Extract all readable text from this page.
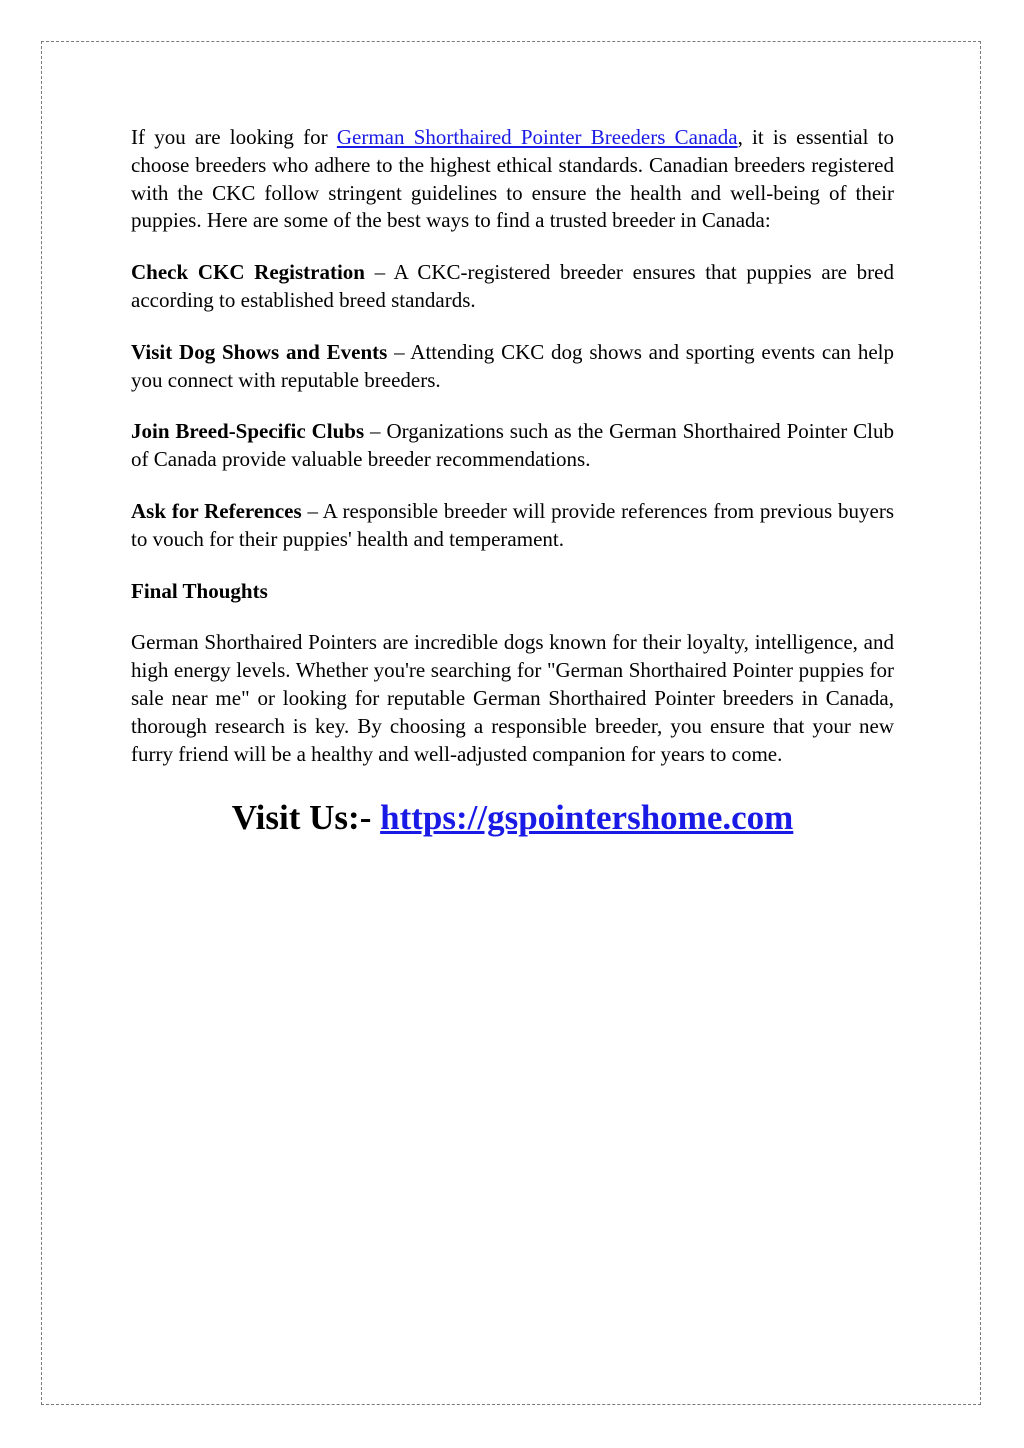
If you are looking for German Shorthaired Pointer Breeders Canada, it is essential to choose breeders who adhere to the highest ethical standards. Canadian breeders registered with the CKC follow stringent guidelines to ensure the health and well-being of their puppies. Here are some of the best ways to find a trusted breeder in Canada:

Check CKC Registration – A CKC-registered breeder ensures that puppies are bred according to established breed standards.

Visit Dog Shows and Events – Attending CKC dog shows and sporting events can help you connect with reputable breeders.

Join Breed-Specific Clubs – Organizations such as the German Shorthaired Pointer Club of Canada provide valuable breeder recommendations.

Ask for References – A responsible breeder will provide references from previous buyers to vouch for their puppies' health and temperament.

Final Thoughts

German Shorthaired Pointers are incredible dogs known for their loyalty, intelligence, and high energy levels. Whether you're searching for "German Shorthaired Pointer puppies for sale near me" or looking for reputable German Shorthaired Pointer breeders in Canada, thorough research is key. By choosing a responsible breeder, you ensure that your new furry friend will be a healthy and well-adjusted companion for years to come.

Visit Us:- https://gspointershome.com
